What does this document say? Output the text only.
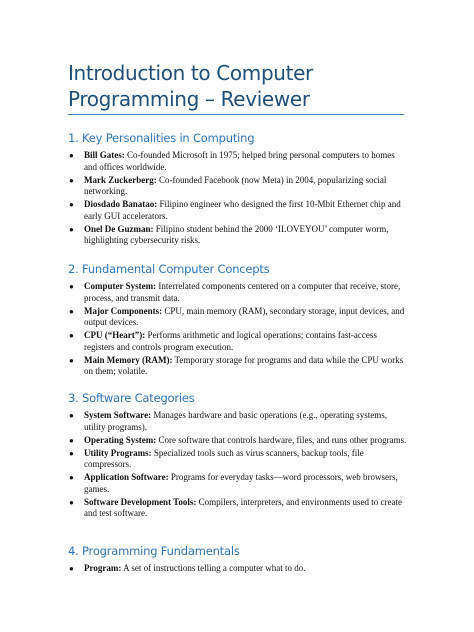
Introduction to Computer Programming – Reviewer
1. Key Personalities in Computing
● Bill Gates: Co-founded Microsoft in 1975; helped bring personal computers to homes and offices worldwide.
● Mark Zuckerberg: Co-founded Facebook (now Meta) in 2004, popularizing social networking.
● Diosdado Banatao: Filipino engineer who designed the first 10-Mbit Ethernet chip and early GUI accelerators.
● Onel De Guzman: Filipino student behind the 2000 ‘ILOVEYOU’ computer worm, highlighting cybersecurity risks.
2. Fundamental Computer Concepts
● Computer System: Interrelated components centered on a computer that receive, store, process, and transmit data.
● Major Components: CPU, main memory (RAM), secondary storage, input devices, and output devices.
● CPU (“Heart”): Performs arithmetic and logical operations; contains fast-access registers and controls program execution.
● Main Memory (RAM): Temporary storage for programs and data while the CPU works on them; volatile.
3. Software Categories
● System Software: Manages hardware and basic operations (e.g., operating systems, utility programs).
● Operating System: Core software that controls hardware, files, and runs other programs.
● Utility Programs: Specialized tools such as virus scanners, backup tools, file compressors.
● Application Software: Programs for everyday tasks—word processors, web browsers, games.
● Software Development Tools: Compilers, interpreters, and environments used to create and test software.
4. Programming Fundamentals
● Program: A set of instructions telling a computer what to do.
